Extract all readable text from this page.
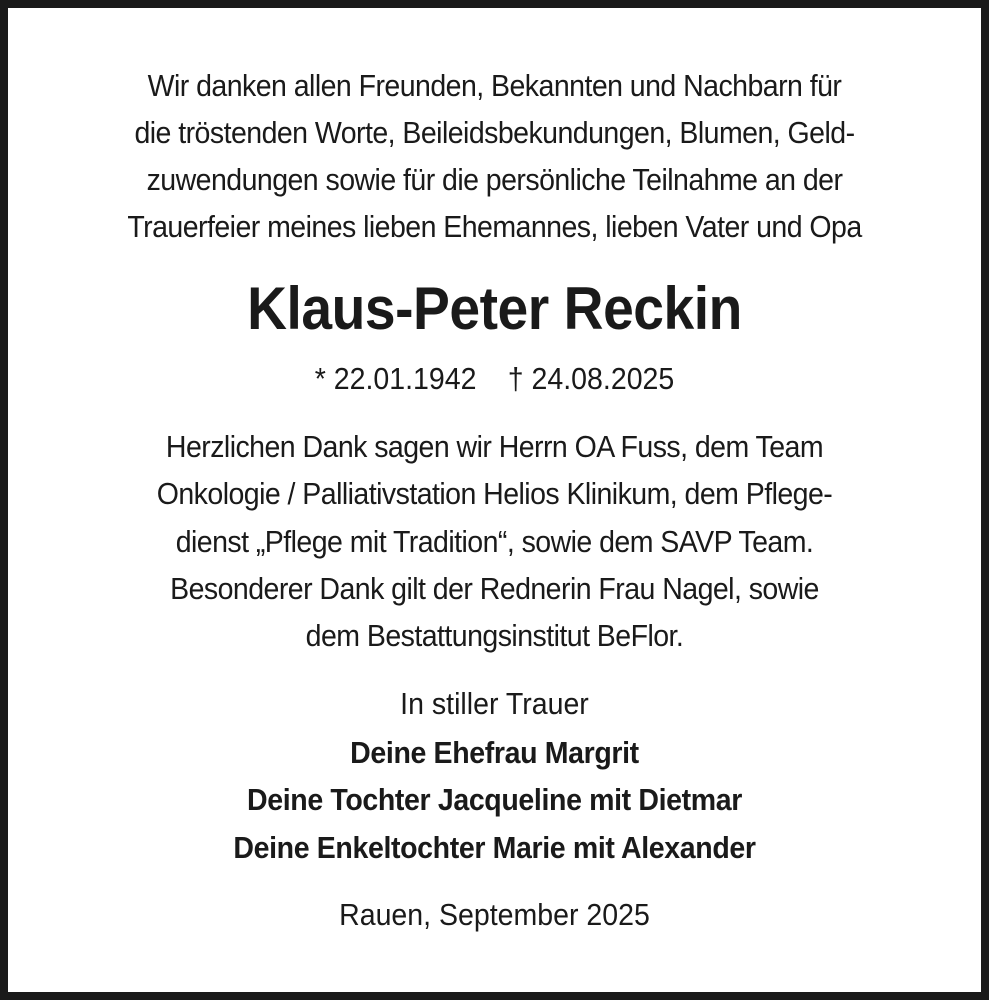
Wir danken allen Freunden, Bekannten und Nachbarn für
die tröstenden Worte, Beileidsbekundungen, Blumen, Geld-
zuwendungen sowie für die persönliche Teilnahme an der
Trauerfeier meines lieben Ehemannes, lieben Vater und Opa
Klaus-Peter Reckin
* 22.01.1942 † 24.08.2025
Herzlichen Dank sagen wir Herrn OA Fuss, dem Team
Onkologie / Palliativstation Helios Klinikum, dem Pflege-
dienst „Pflege mit Tradition“, sowie dem SAVP Team.
Besonderer Dank gilt der Rednerin Frau Nagel, sowie
dem Bestattungsinstitut BeFlor.
In stiller Trauer
Deine Ehefrau Margrit
Deine Tochter Jacqueline mit Dietmar
Deine Enkeltochter Marie mit Alexander
Rauen, September 2025
